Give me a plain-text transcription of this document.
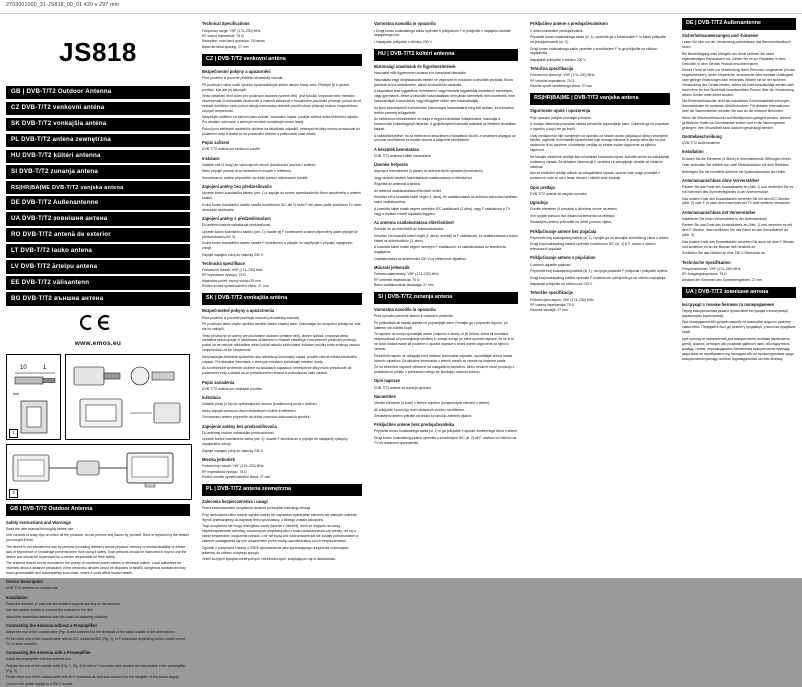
2703001000_31-JS818_00_01 420 x 297 mm
JS818
GB | DVB-T/T2 Outdoor Antenna
CZ DVB-T/T2 venkovní anténa
SK DVB-T/T2 vonkajšia anténa
PL DVB-T/T2 antena zewnętrzna
HU DVB-T/T2 kültéri antenna
SI DVB-T/T2 zunanja antena
RS|HR|BA|ME DVB-T/T2 vanjska antena
DE DVB-T/T2 Außenantenne
UA DVB-T/T2 зовнішня антена
RO DVB-T/T2 antenă de exterior
LT DVB-T/T2 lauko antena
LV DVB-T/T2 ārtelpu antena
EE DVB-T/T2 välisantenn
BG DVB-T/T2 външна антена
www.emos.eu
10	1
mm
1
3
GB | DVB-T/T2 Outdoor Antenna
Safety Instructions and Warnings

Read the user manual thoroughly before use.

Unit consists of sharp tips on which all the products, do not perform any issues by yourself. Base is repaired by the retailer you bought it from.

The device is not intended for use by persons (including children) whose physical, sensory or mental disability or whose lack of experience or knowledge prevents them from using it safely. Such persons should be instructed in how to use the device and should be supervised by a person responsible for their safety.

The antenna should not be mounted in the vicinity of overhead power cables or electrical outlets. Local authorities be informed about a distance precaution of the electronic devices would be disposed of landfill, dangerous substances may reach groundwater and subsequently food chain, where it could affect human health.

Device Description

DVB-T/T2 antenna for outdoor use

Installation

Press the direction (2 pcs) into the installed support opening on the antenna.

Use two spacer dowels to connect the antenna to the dish.

Attach the assembled antenna onto the mast via fastening shackles.

Connecting the Antenna without a Preamplifier

Adjust the end of the coaxial cable (Fig. 1) and connect it to the terminals of the balun located in the antenna box.

Fit the other end of the coaxial cable with an IEC connector/IEC (Fig. 2), or F-connector depending on the socket on the TV or other amplifier.

Connecting the Antenna with a Preamplifier

Install the preamplifier into the antenna box.

Prepare the end of the coaxial cable (Fig. 1, Fig. 2) fit with a F connector and connect the balun/cable in the preamplifier (Fig. 3).

Fit the other end of the coaxial cable with an F connector as well and connect it to the daughter of the power supply.

Connect the power supply to a 230 V socket.

Technical Specifications
Frequency range: VHF (174–230) MHz
RF output impedance: 75 Ω
Reception: max band spectrum, 25 bands
Balun terminal spacing: 27 mm
CZ | DVB-T/T2 venkovní anténa
Bezpečnostní pokyny a upozornění

Před použitím si pozorně přečtěte uživatelský manuál.

Při používání rukou vodič výrobku vyvarovat/dojde skrbní ostrým hrany vami. Předejte již k opravě prodejci, kde jste jej zakoupili.

Tento zdravotní není určen pro používání osobami (včetně dětí), jimž fyzická, smyslová nebo mentální neschopnost či nedostatek zkušeností a znalostí zabraňuje v bezpečném používání přístroje, pokud na ně nebude dohlíženo nebo pokud nebyly instruovány ohledně použití tohoto přístroje osobou zodpovědnou za jejich bezpečnost.

Nesplňujte oddělení od zařízení jako svítidel, komunální odpad, použijte sběrná místa tříděného odpadu. Pro aktuální informace o sběrných místech kontaktujte místní úřady.

Pokud jsou elektrické spotřebiče uložené na skládkách odpadků, nebezpečné látky mohou prosakovat do podzemní vody a dostat se do potravního řetězce a poškozovat vaše zdraví.

Popis zařízení

DVB-T/T2 anténa pro venkovní použití

Instalace

Zatlačte sítě (4 kusy) do vyčnívajících otvorů (konstrukční pružina v anténě).

Nebo připojte pomocí dvou distančních vloupek k reflektoru.

Smontovanou anténu připevněte na držák pomocí stahovacích šroubů.

Zapojení antény bez předzesilovače

Upravte konec koaxiálního kabelu (obr. 1) a zapojte do svorek symetrizačního členu umístěného v anténní krabici.

Druhý konec koaxiálního kabelu osaďte konektorem IEC dle 2) nebo F dle závisí podle konektoru TV nebo demontáž zesilovače.

Zapojení antény s předzesilovačem

Do anténní krabice nainstalujte předzesilovač.

Upravte konec koaxiálního kabelu (obr. 1), osaďte jej F konektorem a kabel připevněný kabel připojte ke předzesilovači (obr. 3).

Druhý konec koaxiálního kabelu osaďte F konektorem a připojte ho na/připojte v přípojky napájecího zdroje.

Zapojte napájecí zdroj do zásuvky 230 V.

Technická specifikace
Frekvenční rozsah: VHF (174–230) MHz
RF impedance výstupu: 75 Ω
Maximální počet: možný vstupu 25 mm
Rozteč svorek symetrizačního členu: 27 mm
SK | DVB-T/T2 vonkajšia anténa
Bezpečnostné pokyny a upozornenia

Pred použitím si pozorne prečítajte manuál (užívateľský manuál).

Pri používaní alebo chybe výrobku nerobte žiadne zásahy sami. Odovzdajte ho na opravu predajcovi, kde ste ho zakúpili.

Tento prístroj nie je určený pre používanie osobami (vrátane detí), ktorým fyzická, zmyslová alebo mentálna neschopnosť či nedostatok skúseností a znalostí zabraňuje v bezpečnom používaní prístroja, pokiaľ na ne nebude dohliadané alebo pokiaľ nebudú inštruované ohľadne použitia tohto prístroja osobou zodpovednou za ich bezpečnosť.

Nevyhadzujte elektrické spotrebiče ako netriedený komunálny odpad, použite zberné miesta triedeného odpadu. Pre aktuálne informácie o zberných miestach kontaktujte miestne úrady.

Ak sú elektrické spotrebiče uložené na skládkach odpadkov, nebezpečné látky môžu presakovať do podzemnej vody a dostať sa do potravinového reťazca a poškodzovať vaše zdravie.

Popis zariadenia

DVB-T/T2 anténa pre vonkajšie použitie

Inštalácia

Zatlačte prvky (4 ks) do vyčnievajúcich otvorov (konštrukčný prvok v anténe).

Alebo pripojte pomocou dvoch dištančných vložiek k reflektoru.

Zmontovanú anténu pripevnite na držiak pomocou sťahovacích skrutiek.

Zapojenie antény bez predzosilňovača

Do anténnej krabice nainštalujte predzosilňovač.

Upravte koniec koaxiálneho kábla (obr. 1), osaďte F konektorom a pripojte do napájacej výstupky napájacieho zdroja.

Zapojte napájací zdroj do zásuvky 230 V.

Mienka jednotiek
Frekvenčný rozsah: VHF (174–230) MHz
RF impedancia výstupu: 75 Ω
Rozteč svoriek symetrizačného člena: 27 mm
PL | DVB-T/T2 antena zewnętrzna
Zalecenia bezpieczeństwa i uwagi

Przed zastosowaniem urządzenia uważnie przeczytać instrukcję obsługi.

Przy uszkodzeniu albo wadzie wyrobu należy ich naprawiać wykonywać samemu we własnym zakresie. Wyrób przekazujemy do naprawy temu sprzedawcy, u którego zostało zakupiony.

Tego urządzenia nie mogą obsługiwać osoby (łącznie z dziećmi), które ze względu na swoją niepełnosprawność ruchową, czuciową lub umysłową albo z braku doświadczenia czy wiedzy, nie są w stanie bezpiecznie urządzenia używać, o ile nie będą one nadzorowane lub nie zostały poinstruowane w zakresie posługiwania się tym urządzeniem przez osobę odpowiedzialną za ich bezpieczeństwo.

Zgodnie z przepisami Ustawy o ZSEE wprowadzenie jako sprzedającego urządzenia zobowiązani jesteśmy do odbioru zużytego sprzętu.

Jeżeli zużytych spriętów elektrycznych i elektronicznych, znajdujących się w składowiska.

Varnostna navodila in opozorila

• Drugi konec koaksialnega kabla opremite s priključkom F in priključite v napajalno kontakt napajalnega vira.

• Napajalnik priključite v vtičnico 230 V.

HU | DVB-T/T2 kültéri antenna
Biztonsági utasítások és figyelmeztetések

Használat előtt figyelmesen olvassa el a használati útmutatót.

Használata vagy meghibásodás esetén ne végezzen el módosan a készülék javítását. Bízza javítását arra a kereskedőre, akinél a készüléket vásárolta.

A készüléket testi fogyatékos, érzékszervi, vagy mentális fogyatékkal rendelkező személyek, vagy gyermekek, illetve a készülék használatában nem jártas személyek nem kezelhetik, nem használhatják a készüléket, vagy felügyelet nélkül nem használhatják.

Az ilyen személyekről a készülékek biztonságos használatáról meg kell tanítani, és biztosítsa felelős személy felügyeletét.

Az elektromos készülékeket ne dobja a vegyes háztartási hulladékokba, használja a kommunális hulladékgyűjtő helyeket. A gyűjtőhelyekről aktuális adatokat az illetékes hivatalban kaphat.

A hulladékkezelése: ha az elektromos készüléket a hulladékok között, a veszélyes anyagok az ivóvízbe kerülhetnek és tovább okozva a talajvízbe kerülhetnek.

A készülék bemutatása

DVB-T/T2 antenna kültéri használatra

Üzembe helyezés

Nyomja a elrendezetet (4 darab) az antenna építő nyílásba (konstrukció).

Vagy távtartó betétek használatával csatlakoztassa a reflektorhoz.

Rögzítse az antennát a tartóra.

Az antenna csatlakoztatása előerősítő nélkül

Készítse elő a koaxiális kábel végét (1. ábra), és csatlakoztassa az antenna dobozban található balun csatlakozóihoz.

A koaxiális kábel másik végére szereljen IEC csatlakozót (2.ábra), vagy F csatlakozót a TV vagy a további erősítő aljzatától függően.

Az antenna csatlakoztatása előerősítővel

Szerelje be az előerősítőt az antennadobozba.

Készítse elő koaxiális kábel végét (1. ábra), szerelje rá F csatlakozót, és csatlakoztassa a balun kábelt az előerősítőhöz (3. ábra).

A koaxiális kábel másik végére szereljen F csatlakozót, és csatlakoztassa az áramforrás dugaljához.

Csatlakoztassa az áramforrást 230 V-os elektromos aljzathoz.

Műszaki jellemzők
Frekvenciatartomány: VHF (174–230) MHz
RF kimeneti impedancia: 75 Ω
Balun csatlakozóinak távolsága: 27 mm
SI | DVB-T/T2 zunanja antena
Varnostna navodila in opozorila

Pred uporabo preverite skrbno in natančno preberite.

Pri poškodbah ali napaki izdelka ne popravljajte sami. Predajte ga v popravilo trgovcu, pri katerem ste izdelek kupili.

Te naprave ne smejo uporabljati osebe (vključno z otroci), ki jih fizična, čutna ali mentalna nesposobnost ali pomanjkanje izkušenj in znanja ovirajo pri varni uporabi naprave, če se le-te ne bodo nadzorovane ali poučene o uporabi naprave s strani osebe odgovorne za njihovo varnost.

Električnih naprav ne odlagajte med mešane komunalne odpadke, uporabljajte zbirna mesta ločenih odpadkov. Za aktualne informacije o zbirnih mestih se obrnite na krajevne urade.

Če so električne naprave odložene na odlagališčih odpadkov, lahko nevarne snovi pronicajo v podtalnico in pridejo v prehransko verigo ter škodujejo vašemu zdravju.

Opis naprave

DVB-T/T2 antena za zunanjo uporabo

Namestitev

Vtisnite elemente (4 kose) v štrleče odprtine (konstrukcijski element v anteni).

Ali priključite s pomočjo dveh distančnih vložkov na reflektor.

Sestavljeno anteno pritrdite na držalo s pomočjo zateznih vijakov.

Priključitev antene brez predojačevalnika

Pripravite konec koaksialnega kabla (sl. 1) in ga priključite v sponke simetrirnega člena v anteni.

Drugi konec koaksialnega kabla opremite s konektorjem IEC (sl. 2) ali F, odvisno od vtičnice na TV ali dodatnem ojačevalniku.

Priključitev antene s predojačevalnikom

V anteni namestite predojačevalnik.

Pripravite konec koaksialnega kabla (sl. 1), opremite ga s konektorjem F in kabel priključite na predojačevalnik (sl. 3).

Drugi konec koaksialnega kabla opremite s konektorjem F in ga priključite na vtičnico napajalnika.

Napajalnik priključite v vtičnico 230 V.

Tehnična specifikacija
Frekvenčno območje: VHF (174–230) MHz
RF izhodna impedanca: 75 Ω
Razmik sponk simetrirnega člena: 27 mm
RS|HR|BA|ME | DVB-T/T2 vanjska antena
Sigurnosne upute i upozorenja

Prije uporabe pažljivo pročitajte priručnik.

U slučaju oštećenja proizvoda nikada preuzmite popravljanje sami. Odnesite ga na popravak u trgovinu u kojoj ste ga kupili.

Ovaj uređaj/ureda nije namijenjen za uporabu od strane osoba (uključujući djecu) smanjenih fizičkih, osjetilnih ili mentalnih sposobnosti koje nemaju iskustva ili znanja osim ako su pod nadzorom ili su upućene u korištenje uređaja od strane osobe odgovorne za njihovu sigurnost.

Ne bacajte električne uređaje kao nesortirani komunalni otpad, koristite centre za sakupljanje sortiranog otpada. Za aktualne informacije o centrima za sakupljanje obratite se lokalnim vlastima.

Ako se električni uređaji odlože na odlagalištima otpada, opasne tvari mogu prodrijeti u podzemne vode te ući u lanac ishrane i oštetiti vaše zdravlje.

Opis uređaja

DVB-T/T2 antena za vanjsku uporabu

Ugradnja

Gurnite elemente (4 komada) u izbočene otvore na anteni.

Ili ih spojite pomoću dva distančna elementa na reflektor.

Sastavljenu antenu pričvrstite na držač pomoću vijaka.

Priključivanje antene bez pojačala

Pripremite kraj koaksijalnog kabela (sl. 1) i spojite ga na stezaljke simetričnog člana u anteni.

Drugi kraj koaksijalnog kabela opremite konektorom IEC (sl. 2) ili F, ovisno o utičnici televizora ili pojačala.

Priključivanje antene s pojačalom

U antenu ugradite pojačalo.

Pripremite kraj koaksijalnog kabela (sl. 1), na njega postavite F priključak i priključite antenu.

Drugi kraj koaksijalnog kabela opremite F konektorom i priključite ga na utičnicu napajanja.

Napajanje priključite na utičnicu od 230 V.

Tehničke specifikacije
Frekvencijski raspon: VHF (174–230) MHz
RF izlazna impedancija: 75 Ω
Razmak stezaljki: 27 mm
DE | DVB-T/T2 Außenantenne
Sicherheitsanweisungen und -hinweise

Lesen Sie sich vor der Verwendung aufmerksam das Benutzerhandbuch durch.

Bei Beschädigung oder Mängeln am Gerät nehmen Sie keine eigenständigen Reparaturen vor. Geben Sie es zur Reparatur in dem Geschäft, in dem Sie das Produkt erworben haben.

Dieses Gerät ist nicht zur Verwendung durch Personen vorgesehen (Kinder eingeschlossen), deren körperliche, sensorische oder mentale Unfähigkeit oder geringe Erfahrungen bzw. fehlendes Wissen sie an der sicheren Verwendung des Geräts hindert, sofern sie nicht beaufsichtigt werden oder durch eine für ihre Sicherheit verantwortliche Person über die Verwendung dieses Geräts unterrichtet wurden.

Die Elektroverbraucher nicht als unsortierter Kommunalabfall entsorgen, Sammelstellen für sortierten Abfall benutzen. Für aktuelle Informationen über die Sammelstellen wenden Sie sich an die örtlichen Behörden.

Wenn die Elektroverbraucher auf Mülldeponien gelagert werden, können gefährliche Stoffe ins Grundwasser sickern und in die Nahrungskette gelangen; Ihre Gesundheit kann dadurch geschädigt werden.

Gerätebeschreibung

DVB-T/T2 Außenantenne

Installation

Drücken Sie die Elemente (4 Stück) in hervorstehende Öffnungen hinein.

Oder verbinden Sie mithilfe von zwei Distanzstücken mit dem Reflektor.

Befestigen Sie die montierte Antenne mit Spannschrauben am Halter.

Antennenanschluss ohne Vorverstärker

Passen Sie das Ende des Koaxialkabels an (Abb. 1) und verbinden Sie es mit Klemmen des Symmetriegliedes in der Antennendose.

Das andere Ende des Koaxialkabels versehen Sie mit dem IEC-Stecker (Abb. 2) oder F, je nach dem Anschluss am TV oder weiteren Verstärker.

Antennenanschluss mit Vorverstärker

Installieren Sie einen Vorverstärker in der Antennendose.

Passen Sie das Ende des Koaxialkabels an (Abb. 1) und versehen es mit dem F-Stecker, dann schließen Sie das Kabel an den Vorverstärker an (Abb. 3).

Das andere Ende des Koaxialkabels versehen Sie auch mit dem F-Stecker und schließen es an die Buchse des Netzteils an.

Schließen Sie das Netzteil an eine 230 V-Steckdose an.

Technische Spezifikation
Frequenzbereich: VHF (174–230) MHz
RF-Ausgangsimpedanz: 75 Ω
Abstand der Klemmen des Symmetriegliedes: 27 mm
UA | DVB-T/T2 зовнішня антена
Інструкції з техніки безпеки та попередження

Перед використанням уважно прочитайте інструкцію з експлуатації (керівництво користувача).

При пошкодженні або дефекті виробу не виконуйте жодного ремонту самостійно. Передайте його до ремонту продавцю, у якого ви придбали виріб.

Цей прилад не призначений для використання особами (включаючи дітей), фізичні, сенсорні або розумові здібності яких, або відсутність досвіду і знань, перешкоджають безпечному використанню приладу, якщо вони не перебувають під наглядом або не проінструктовані щодо використання приладу особою, відповідальною за їхню безпеку.
